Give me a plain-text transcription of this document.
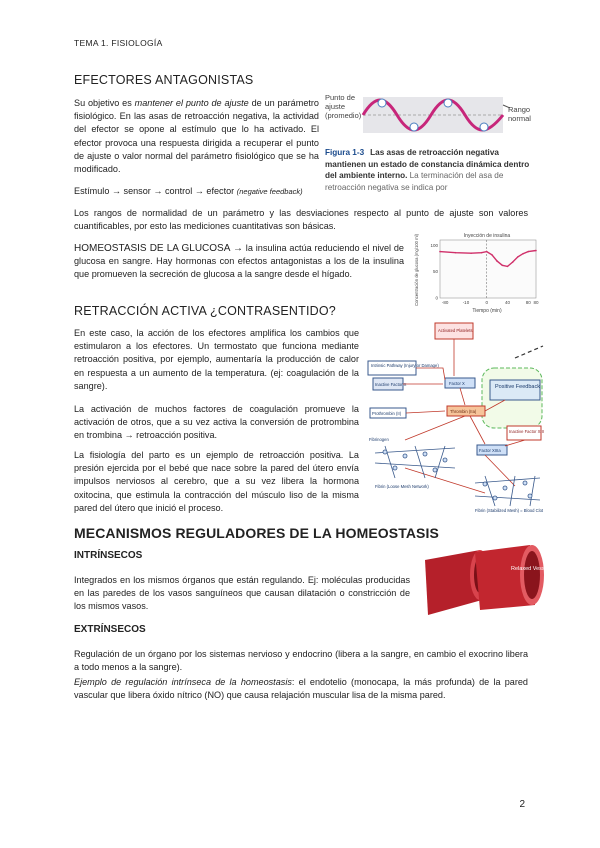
TEMA 1. FISIOLOGÍA
EFECTORES ANTAGONISTAS

Su objetivo es mantener el punto de ajuste de un parámetro fisiológico. En las asas de retroacción negativa, la actividad del efector se opone al estímulo que lo ha activado. El efector provoca una respuesta dirigida a recuperar el punto de ajuste o valor normal del parámetro fisiológico que se ha modificado.

Estímulo → sensor → control → efector (negative feedback)

Los rangos de normalidad de un parámetro y las desviaciones respecto al punto de ajuste son valores cuantificables, por esto las mediciones cuantitativas son básicas.

HOMEOSTASIS DE LA GLUCOSA → la insulina actúa reduciendo el nivel de glucosa en sangre. Hay hormonas con efectos antagonistas a los de la insulina que promueven la secreción de glucosa a la sangre desde el hígado.

Punto de ajuste (promedio)
Rango normal
Figura 1-3 Las asas de retroacción negativa mantienen un estado de constancia dinámica dentro del ambiente interno. La terminación del asa de retroacción negativa se indica por
Inyección de insulina
Tiempo (min)
Concentración de glucosa (mg/100 ml)	100
50
0
-80	-10	0	40	80 80
RETRACCIÓN ACTIVA ¿CONTRASENTIDO?

En este caso, la acción de los efectores amplifica los cambios que estimularon a los efectores. Un termostato que funciona mediante retroacción positiva, por ejemplo, aumentaría la producción de calor en respuesta a un aumento de la temperatura. (ej: coagulación de la sangre).

La activación de muchos factores de coagulación promueve la activación de otros, que a su vez activa la conversión de protrombina en trombina → retroacción positiva.

La fisiología del parto es un ejemplo de retroacción positiva. La presión ejercida por el bebé que nace sobre la pared del útero envía impulsos nerviosos al cerebro, que a su vez libera la hormona oxitocina, que estimula la contracción del músculo liso de la misma pared del útero que inició el proceso.

Intrinsic Pathway (Injury or Damage)
Activated Platelets
Inactive Factor X	Factor X
Prothrombin (II)	Thrombin (IIa)
Positive Feedback
Fibrinogen
Inactive Factor XIII
Factor XIIIa
Fibrin (Loose Mesh Network)
Fibrin (Stabilized Mesh) = Blood Clot
MECANISMOS REGULADORES DE LA HOMEOSTASIS
INTRÍNSECOS

Integrados en los mismos órganos que están regulando. Ej: moléculas producidas en las paredes de los vasos sanguíneos que causan dilatación o constricción de los mismos vasos.

EXTRÍNSECOS

Regulación de un órgano por los sistemas nervioso y endocrino (libera a la sangre, en cambio el exocrino libera a todo menos a la sangre).

Ejemplo de regulación intrínseca de la homeostasis: el endotelio (monocapa, la más profunda) de la pared vascular que libera óxido nítrico (NO) que causa relajación muscular lisa de la misma pared.

Relaxed Vessel
2
